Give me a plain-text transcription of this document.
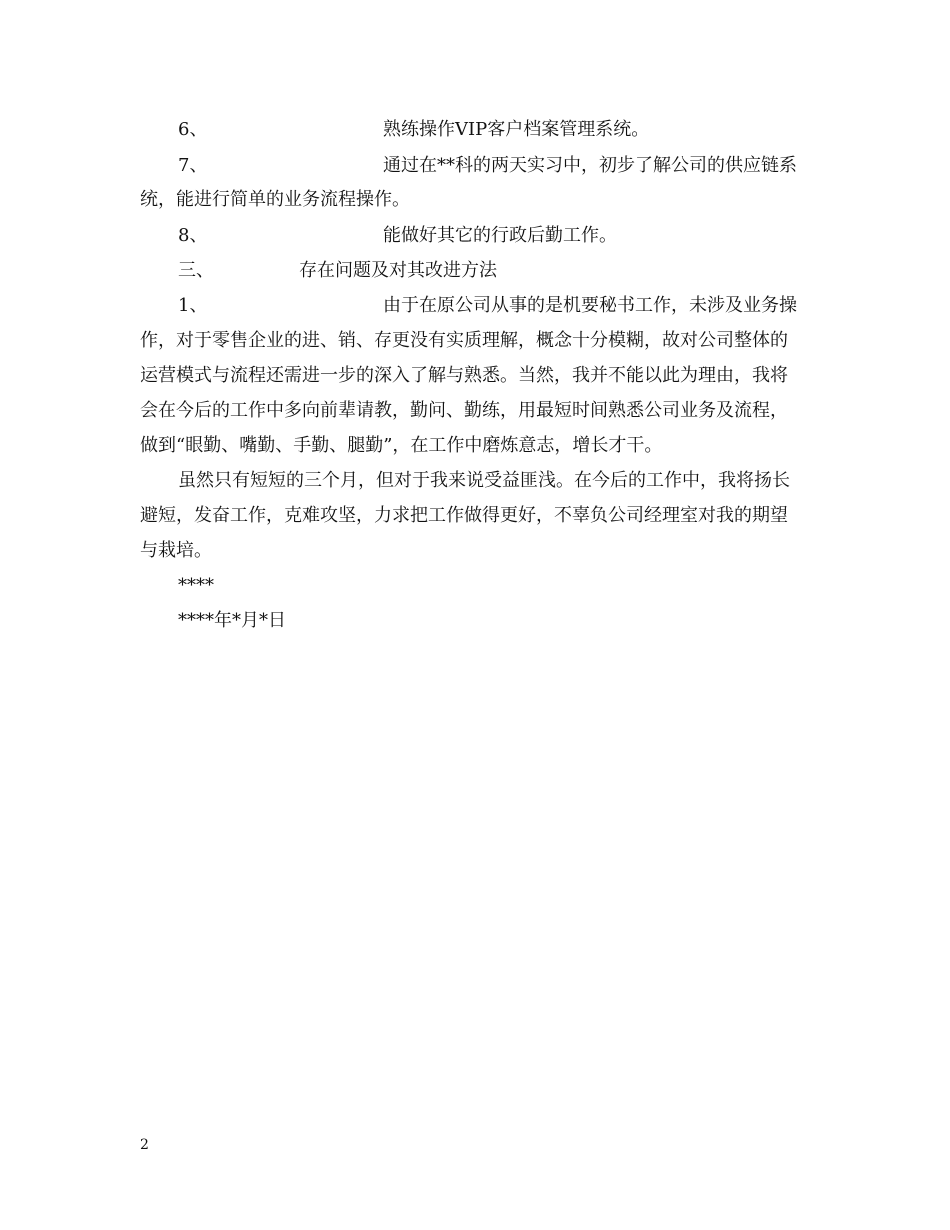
6、	熟练操作VIP客户档案管理系统。
7、	通过在**科的两天实习中，初步了解公司的供应链系
统，能进行简单的业务流程操作。
8、	能做好其它的行政后勤工作。
三、	存在问题及对其改进方法
1、	由于在原公司从事的是机要秘书工作，未涉及业务操
作，对于零售企业的进、销、存更没有实质理解，概念十分模糊，故对公司整体的
运营模式与流程还需进一步的深入了解与熟悉。当然，我并不能以此为理由，我将
会在今后的工作中多向前辈请教，勤问、勤练，用最短时间熟悉公司业务及流程，
做到“眼勤、嘴勤、手勤、腿勤”，在工作中磨炼意志，增长才干。
虽然只有短短的三个月，但对于我来说受益匪浅。在今后的工作中，我将扬长
避短，发奋工作，克难攻坚，力求把工作做得更好，不辜负公司经理室对我的期望
与栽培。
****
****年*月*日
2
